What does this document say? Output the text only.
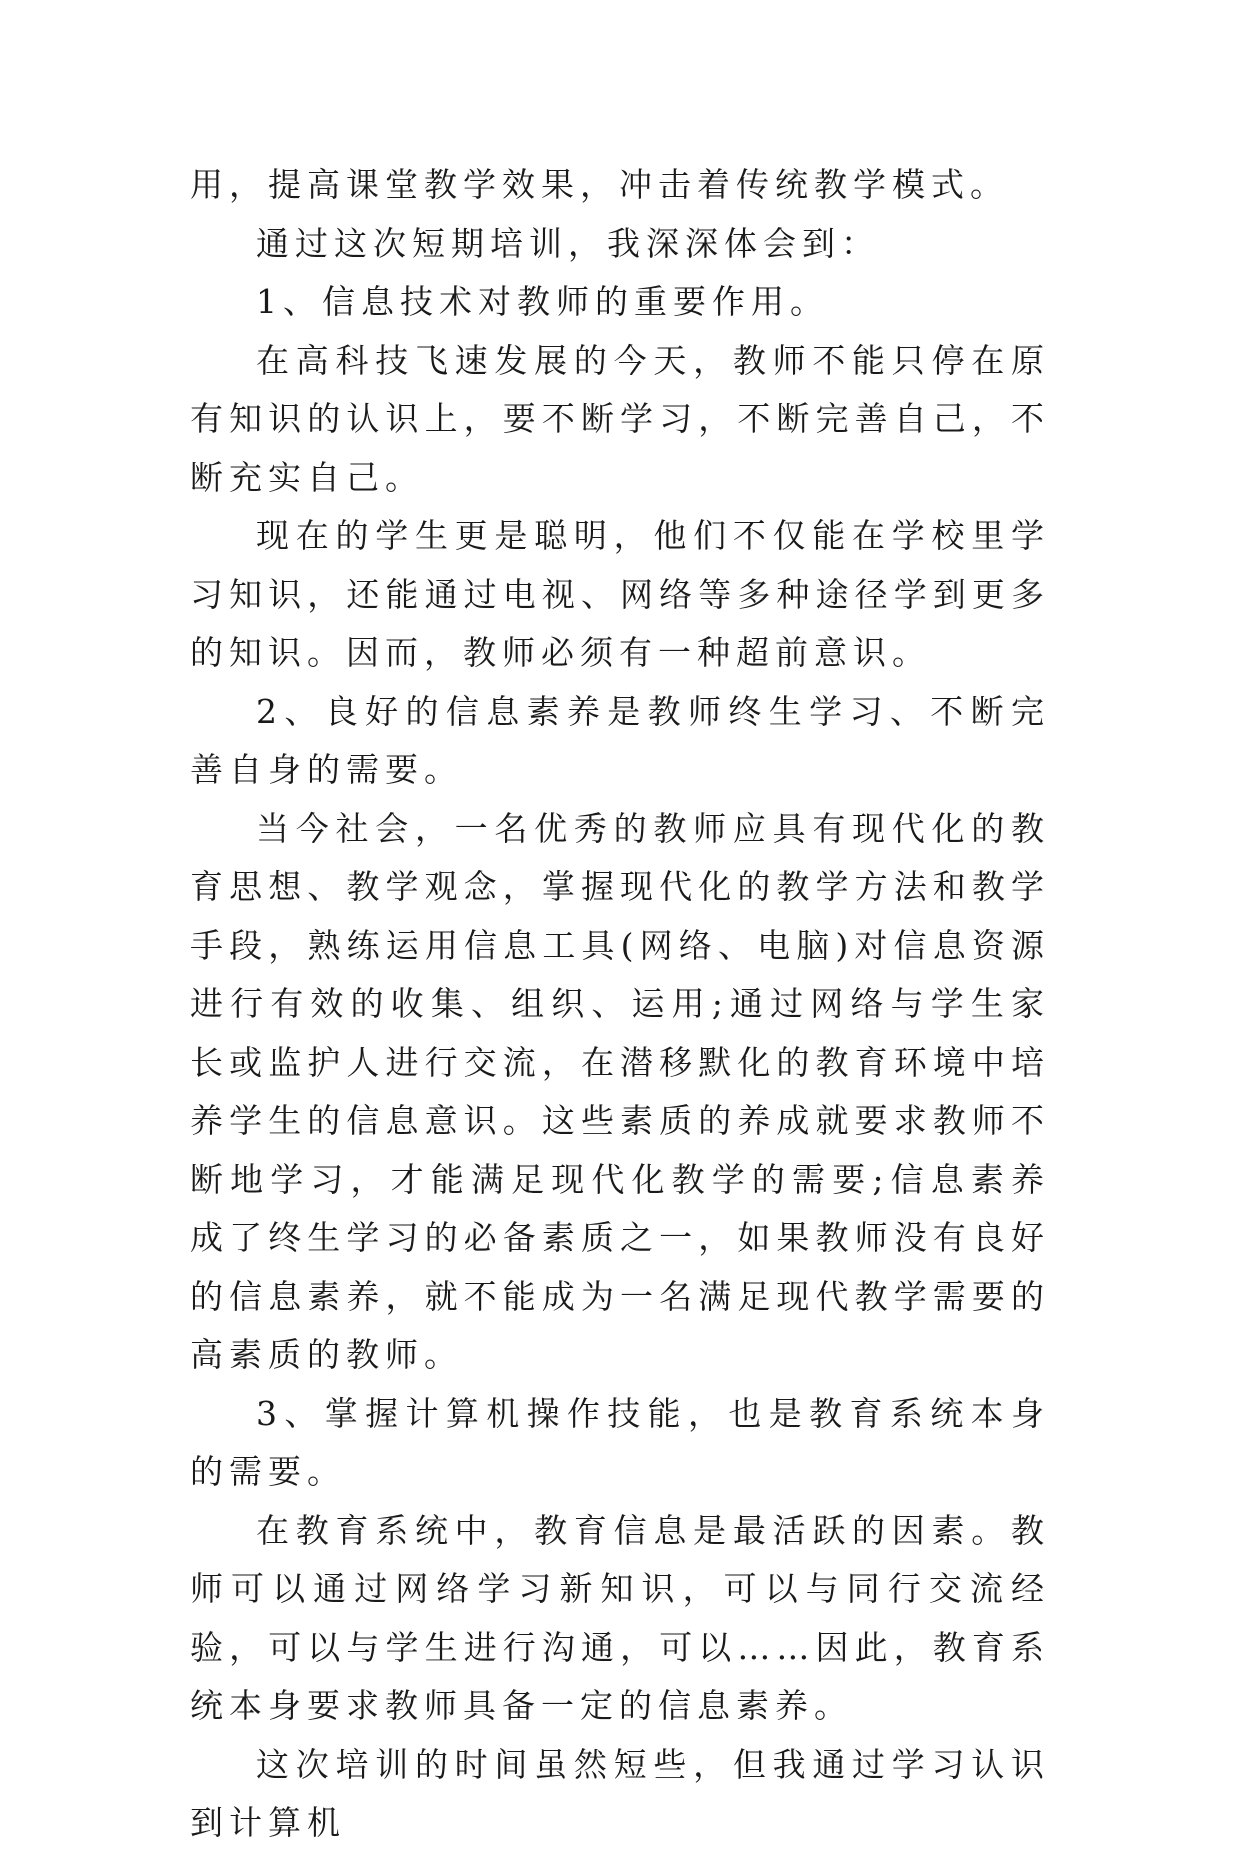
用，提高课堂教学效果，冲击着传统教学模式。

通过这次短期培训，我深深体会到：

1、信息技术对教师的重要作用。

在高科技飞速发展的今天，教师不能只停在原有知识的认识上，要不断学习，不断完善自己，不断充实自己。

现在的学生更是聪明，他们不仅能在学校里学习知识，还能通过电视、网络等多种途径学到更多的知识。因而，教师必须有一种超前意识。

2、良好的信息素养是教师终生学习、不断完善自身的需要。

当今社会，一名优秀的教师应具有现代化的教育思想、教学观念，掌握现代化的教学方法和教学手段，熟练运用信息工具(网络、电脑)对信息资源进行有效的收集、组织、运用;通过网络与学生家长或监护人进行交流，在潜移默化的教育环境中培养学生的信息意识。这些素质的养成就要求教师不断地学习，才能满足现代化教学的需要;信息素养成了终生学习的必备素质之一，如果教师没有良好的信息素养，就不能成为一名满足现代教学需要的高素质的教师。

3、掌握计算机操作技能，也是教育系统本身的需要。

在教育系统中，教育信息是最活跃的因素。教师可以通过网络学习新知识，可以与同行交流经验，可以与学生进行沟通，可以……因此，教育系统本身要求教师具备一定的信息素养。

这次培训的时间虽然短些，但我通过学习认识到计算机
